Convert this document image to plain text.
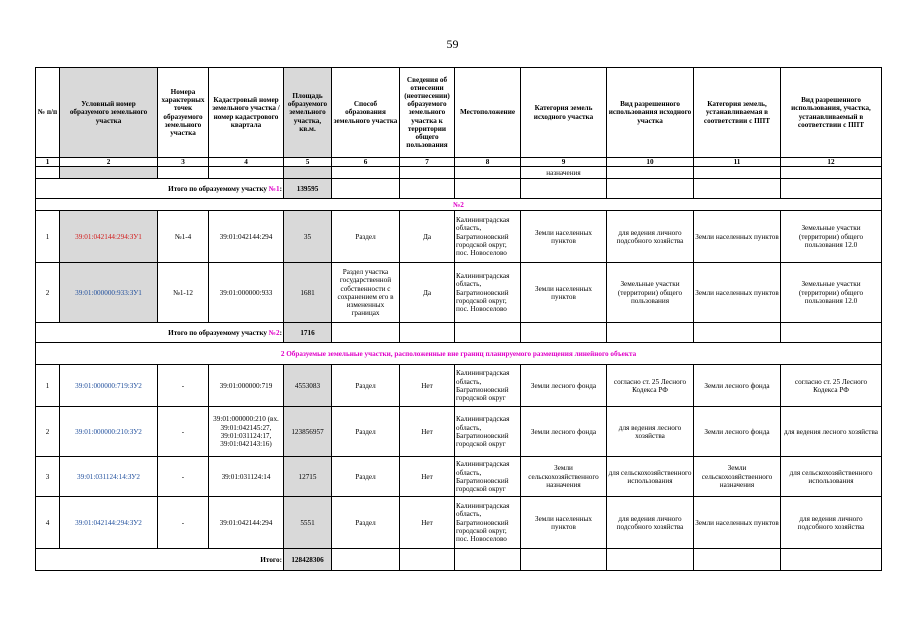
59
№ п/п	Условный номер образуемого земельного участка	Номера характерных точек образуемого земельного участка	Кадастровый номер земельного участка /номер кадастрового квартала	Площадь образуемого земельного участка, кв.м.	Способ образования земельного участка	Сведения об отнесении (неотнесении) образуемого земельного участка к территории общего пользования	Местоположение	Категория земель исходного участка	Вид разрешенного использования исходного участка	Категория земель, устанавливаемая в соответствии с ППТ	Вид разрешенного использования, участка, устанавливаемый в соответствии с ППТ
1	2	3	4	5	6	7	8	9	10	11	12
								назначения			
Итого по образуемому участку №1:				139595							
№2											
1	39:01:042144:294:ЗУ1	№1-4	39:01:042144:294	35	Раздел	Да	Калининградская область, Багратионовский городской округ, пос. Новоселово	Земли населенных пунктов	для ведения личного подсобного хозяйства	Земли населенных пунктов	Земельные участки (территории) общего пользования 12.0
2	39:01:000000:933:ЗУ1	№1-12	39:01:000000:933	1681	Раздел участка государственной собственности с сохранением его в измененных границах	Да	Калининградская область, Багратионовский городской округ, пос. Новоселово	Земли населенных пунктов	Земельные участки (территории) общего пользования	Земли населенных пунктов	Земельные участки (территории) общего пользования 12.0
Итого по образуемому участку №2:				1716							
2 Образуемые земельные участки, расположенные вне границ планируемого размещения линейного объекта											
1	39:01:000000:719:ЗУ2	-	39:01:000000:719	4553083	Раздел	Нет	Калининградская область, Багратионовский городской округ	Земли лесного фонда	согласно ст. 25 Лесного Кодекса РФ	Земли лесного фонда	согласно ст. 25 Лесного Кодекса РФ
2	39:01:000000:210:ЗУ2	-	39:01:000000:210 (вх. 39:01:042145:27, 39:01:031124:17, 39:01:042143:16)	123856957	Раздел	Нет	Калининградская область, Багратионовский городской округ	Земли лесного фонда	для ведения лесного хозяйства	Земли лесного фонда	для ведения лесного хозяйства
3	39:01:031124:14:ЗУ2	-	39:01:031124:14	12715	Раздел	Нет	Калининградская область, Багратионовский городской округ	Земли сельскохозяйственного назначения	для сельскохозяйственного использования	Земли сельскохозяйственного назначения	для сельскохозяйственного использования
4	39:01:042144:294:ЗУ2	-	39:01:042144:294	5551	Раздел	Нет	Калининградская область, Багратионовский городской округ, пос. Новоселово	Земли населенных пунктов	для ведения личного подсобного хозяйства	Земли населенных пунктов	для ведения личного подсобного хозяйства
Итого:				128428306							
